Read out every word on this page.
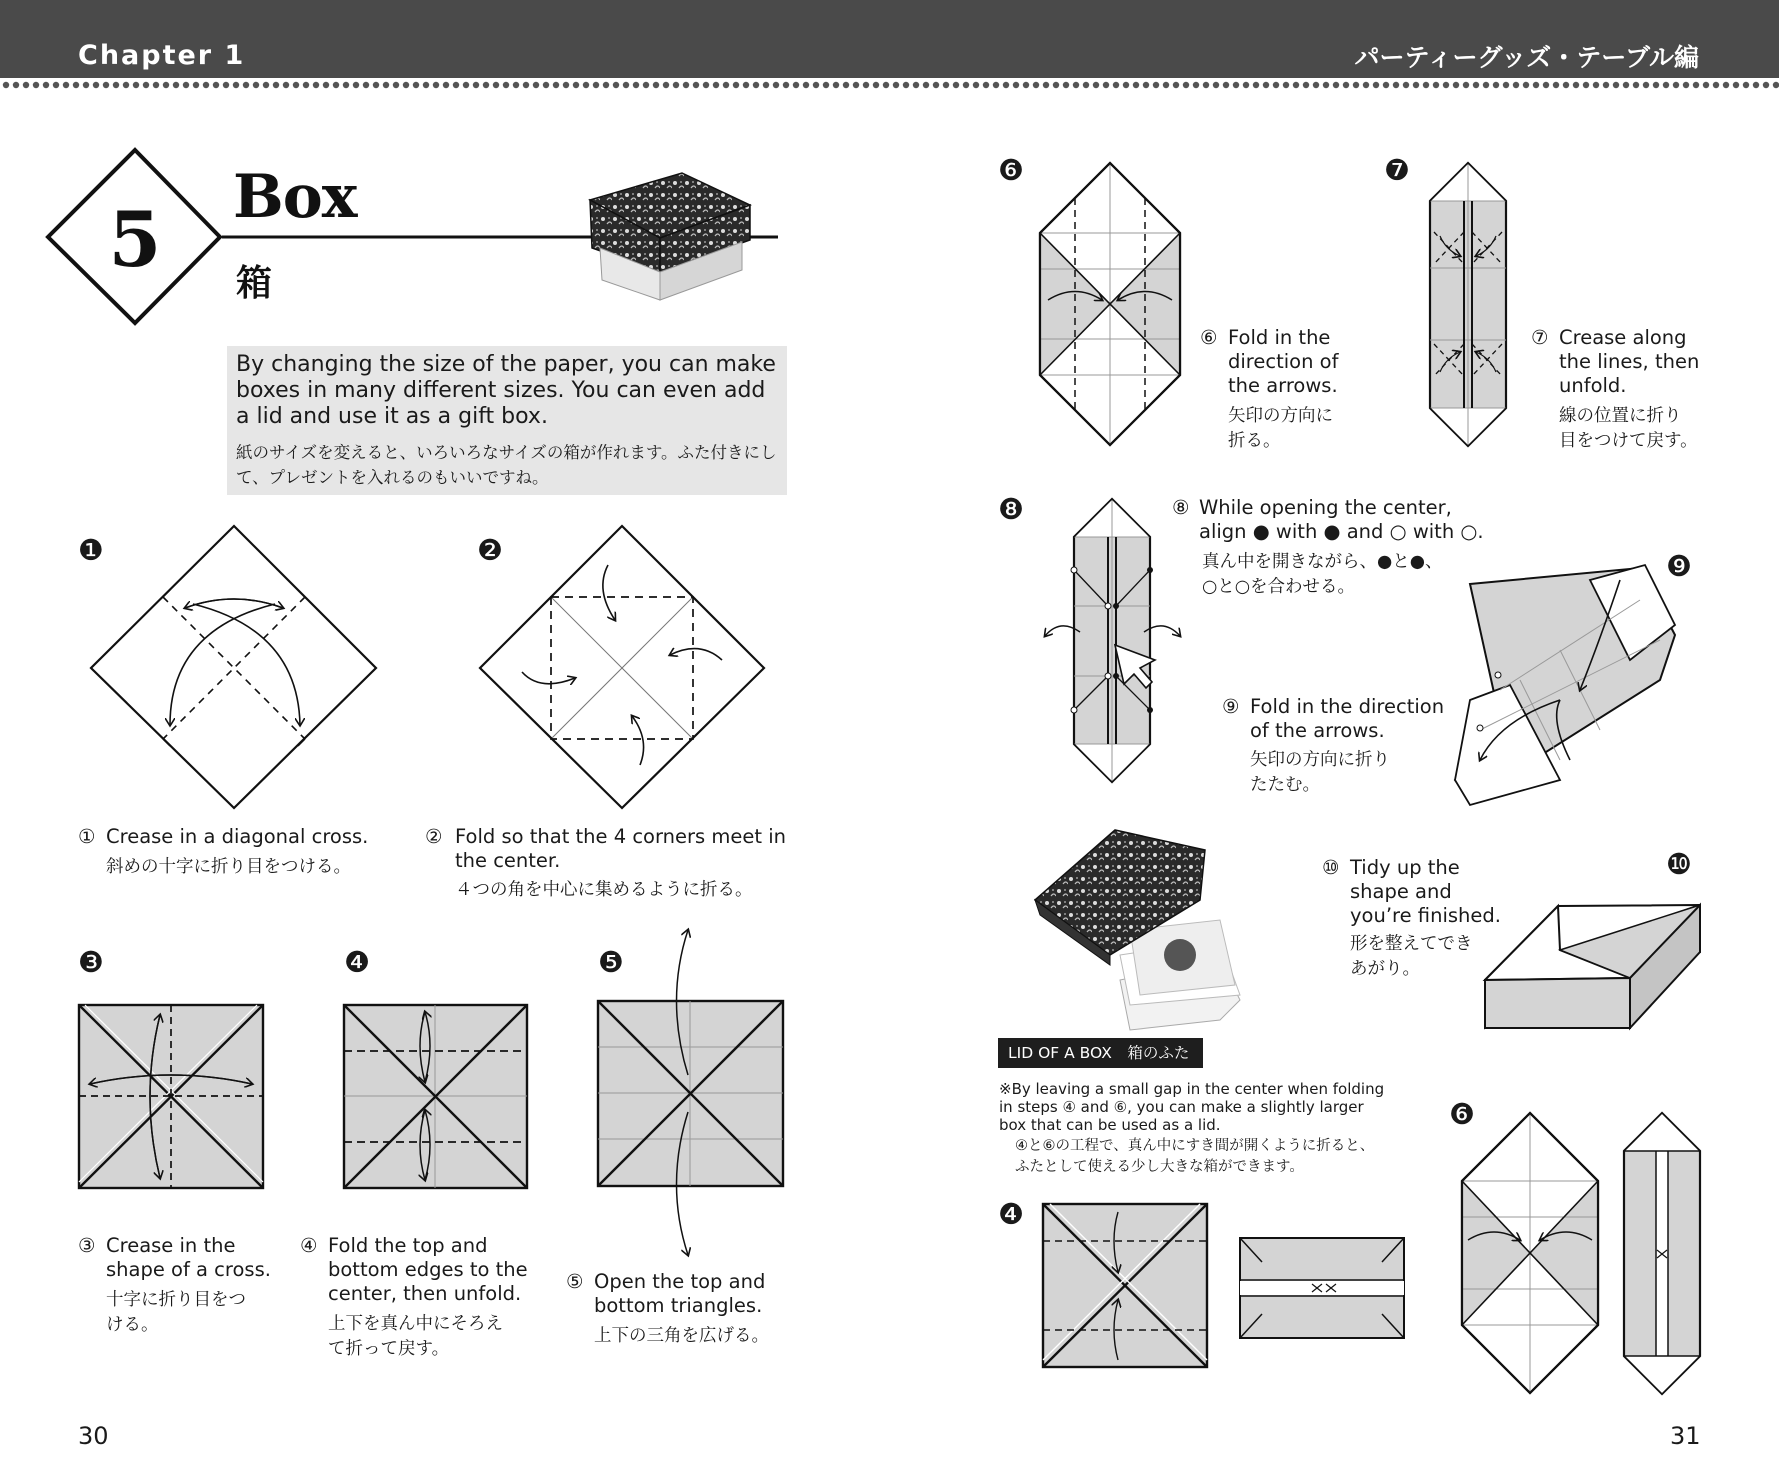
Chapter 1	パーティーグッズ・テーブル編
5 Box
箱
By changing the size of the paper, you can make boxes in many different sizes. You can even add a lid and use it as a gift box.
紙のサイズを変えると、いろいろなサイズの箱が作れます。ふた付きにして、プレゼントを入れるのもいいですね。
❶	❷
❸	❹	❺
❻	❼
❽
❾
❿
① Crease in a diagonal cross.
斜めの十字に折り目をつける。
② Fold so that the 4 corners meet in
the center.
４つの角を中心に集めるように折る。
③ Crease in the
shape of a cross.
十字に折り目をつ
ける。
④ Fold the top and
bottom edges to the
center, then unfold.
上下を真ん中にそろえ
て折って戻す。
⑤ Open the top and
bottom triangles.
上下の三角を広げる。
⑥ Fold in the
direction of
the arrows.
矢印の方向に
折る。
⑦ Crease along
the lines, then
unfold.
線の位置に折り
目をつけて戻す。
⑧ While opening the center,
align ● with ● and ○ with ○.
真ん中を開きながら、●と●、
○と○を合わせる。
⑨ Fold in the direction
of the arrows.
矢印の方向に折り
たたむ。
⑩ Tidy up the
shape and
you’re finished.
形を整えてでき
あがり。
LID OF A BOX　箱のふた
※By leaving a small gap in the center when folding
in steps ④ and ⑥, you can make a slightly larger
box that can be used as a lid.
④と⑥の工程で、真ん中にすき間が開くように折ると、
ふたとして使える少し大きな箱ができます。
❹
❻
30	31
